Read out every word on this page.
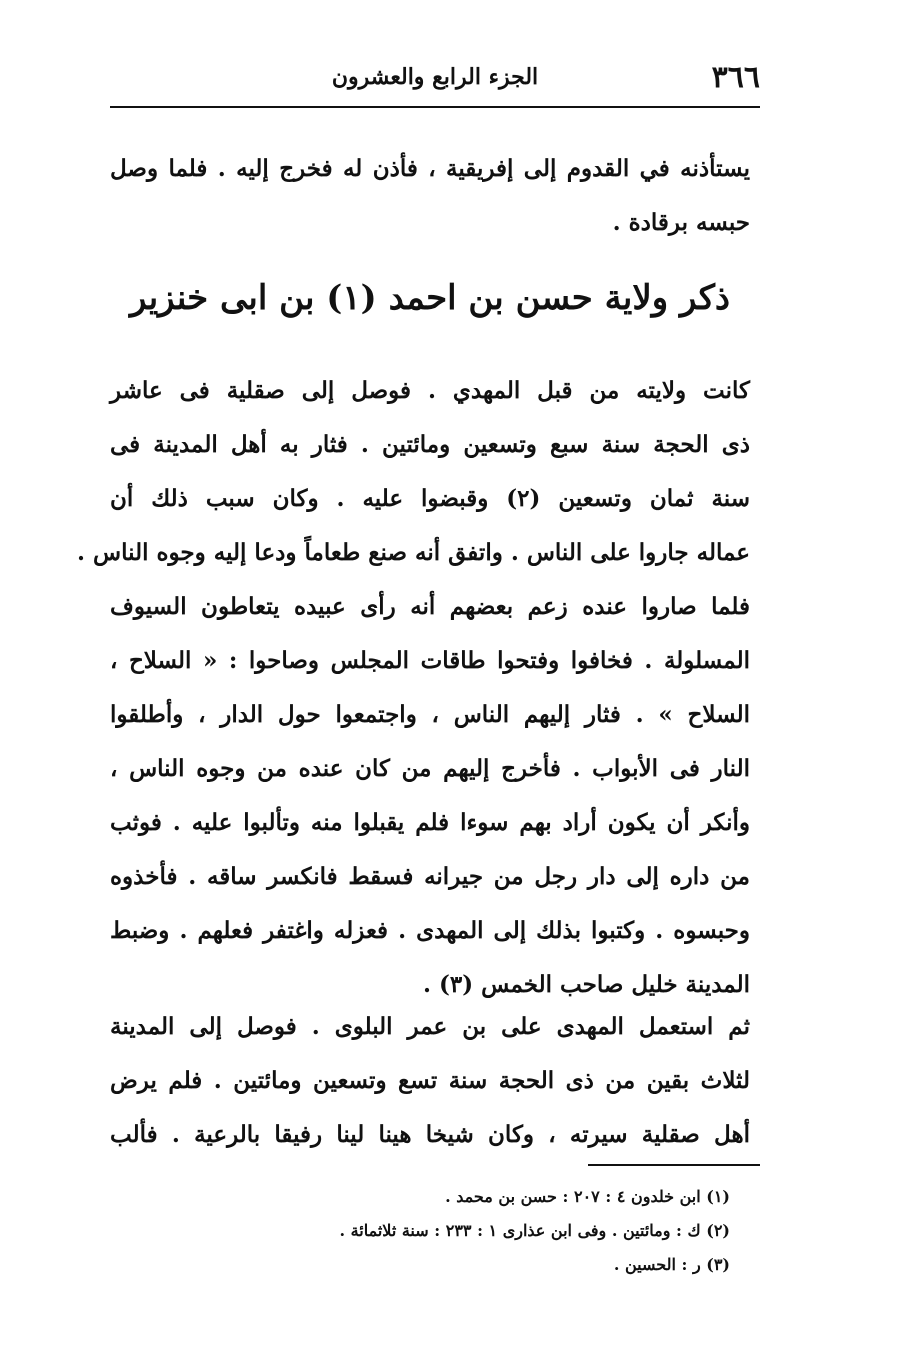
٣٦٦
الجزء الرابع والعشرون
يستأذنه في القدوم إلى إفريقية ، فأذن له فخرج إليه . فلما وصل
حبسه برقادة .
ذكر ولاية حسن بن احمد (١) بن ابى خنزير
كانت ولايته من قبل المهدي . فوصل إلى صقلية فى عاشر
ذى الحجة سنة سبع وتسعين ومائتين . فثار به أهل المدينة فى
سنة ثمان وتسعين (٢) وقبضوا عليه . وكان سبب ذلك أن
عماله جاروا على الناس . واتفق أنه صنع طعاماً ودعا إليه وجوه الناس .
فلما صاروا عنده زعم بعضهم أنه رأى عبيده يتعاطون السيوف
المسلولة . فخافوا وفتحوا طاقات المجلس وصاحوا : « السلاح ،
السلاح » . فثار إليهم الناس ، واجتمعوا حول الدار ، وأطلقوا
النار فى الأبواب . فأخرج إليهم من كان عنده من وجوه الناس ،
وأنكر أن يكون أراد بهم سوءا فلم يقبلوا منه وتألبوا عليه . فوثب
من داره إلى دار رجل من جيرانه فسقط فانكسر ساقه . فأخذوه
وحبسوه . وكتبوا بذلك إلى المهدى . فعزله واغتفر فعلهم . وضبط
المدينة خليل صاحب الخمس (٣) .
ثم استعمل المهدى على بن عمر البلوى . فوصل إلى المدينة
لثلاث بقين من ذى الحجة سنة تسع وتسعين ومائتين . فلم يرض
أهل صقلية سيرته ، وكان شيخا هينا لينا رفيقا بالرعية . فألب
(١) ابن خلدون ٤ : ٢٠٧ : حسن بن محمد .
(٢) ك : ومائتين . وفى ابن عذارى ١ : ٢٣٣ : سنة ثلاثمائة .
(٣) ر : الحسين .
